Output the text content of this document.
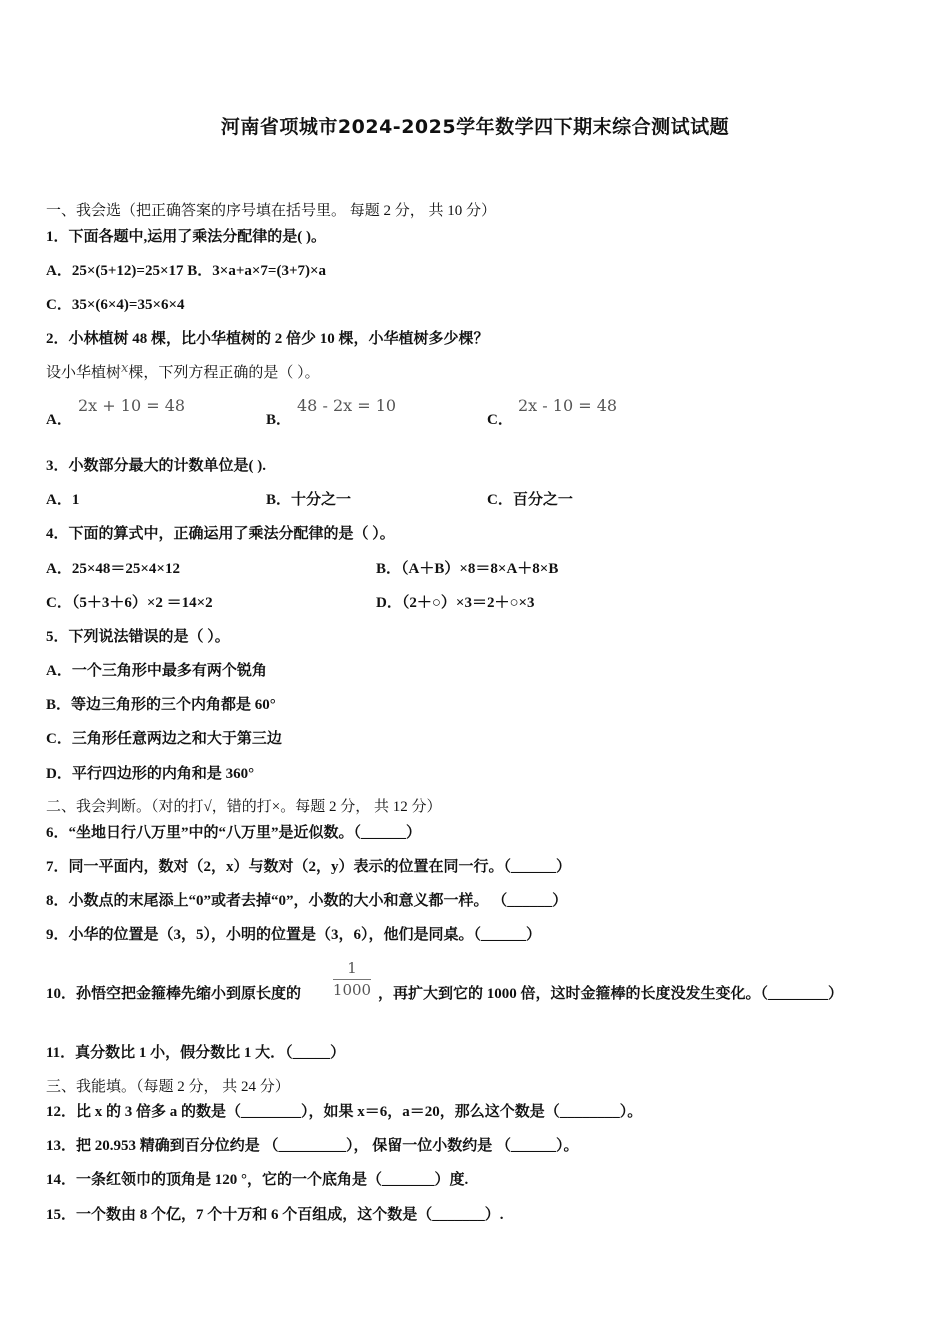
河南省项城市2024-2025学年数学四下期末综合测试试题
一、我会选（把正确答案的序号填在括号里。 每题 2 分， 共 10 分）
1．下面各题中,运用了乘法分配律的是( )。
A．25×(5+12)=25×17 B．3×a+a×7=(3+7)×a
C．35×(6×4)=35×6×4
2．小林植树 48 棵，比小华植树的 2 倍少 10 棵，小华植树多少棵？
设小华植树x棵，下列方程正确的是（ ）。
A．
2x + 10 = 48
B．
48 - 2x = 10
C．
2x - 10 = 48
3．小数部分最大的计数单位是( ).
A．1	B．十分之一	C．百分之一
4．下面的算式中，正确运用了乘法分配律的是（ ）。
A．25×48＝25×4×12	B．（A＋B）×8＝8×A＋8×B
C．（5＋3＋6）×2 ＝14×2	D．（2＋○）×3＝2＋○×3
5．下列说法错误的是（ ）。
A．一个三角形中最多有两个锐角
B．等边三角形的三个内角都是 60°
C．三角形任意两边之和大于第三边
D．平行四边形的内角和是 360°
二、我会判断。（对的打√，错的打×。每题 2 分， 共 12 分）
6．“坐地日行八万里”中的“八万里”是近似数。（______）
7．同一平面内，数对（2，x）与数对（2，y）表示的位置在同一行。（______）
8．小数点的末尾添上“0”或者去掉“0”，小数的大小和意义都一样。 （______）
9．小华的位置是（3，5），小明的位置是（3，6），他们是同桌。（______）
10．孙悟空把金箍棒先缩小到原长度的
1
1000 ，再扩大到它的 1000 倍，这时金箍棒的长度没发生变化。（________）
11．真分数比 1 小，假分数比 1 大．（_____）
三、我能填。（每题 2 分， 共 24 分）
12．比 x 的 3 倍多 a 的数是（________），如果 x＝6，a＝20，那么这个数是（________）。
13．把 20.953 精确到百分位约是 （_________）， 保留一位小数约是 （______）。
14．一条红领巾的顶角是 120 °，它的一个底角是（_______）度.
15．一个数由 8 个亿，7 个十万和 6 个百组成，这个数是（_______）.
